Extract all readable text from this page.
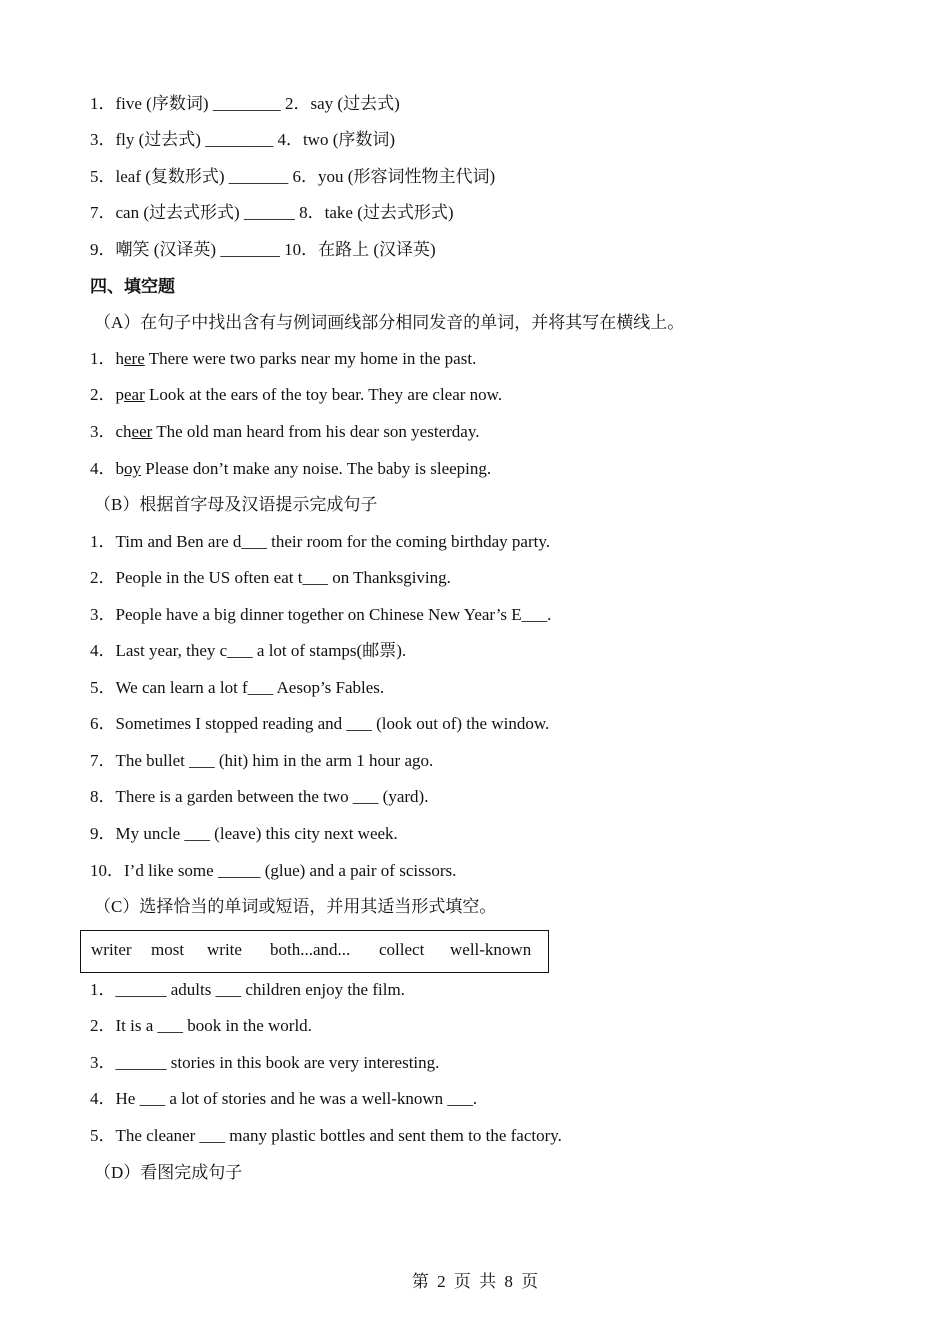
1．five (序数词) ________ 2．say (过去式)
3．fly (过去式) ________ 4．two (序数词)
5．leaf (复数形式) _______ 6．you (形容词性物主代词)
7．can (过去式形式) ______ 8．take (过去式形式)
9．嘲笑 (汉译英) _______ 10．在路上 (汉译英)
四、填空题
（A）在句子中找出含有与例词画线部分相同发音的单词，并将其写在横线上。
1．here There were two parks near my home in the past.
2．pear Look at the ears of the toy bear. They are clear now.
3．cheer The old man heard from his dear son yesterday.
4．boy Please don’t make any noise. The baby is sleeping.
（B）根据首字母及汉语提示完成句子
1．Tim and Ben are d___ their room for the coming birthday party.
2．People in the US often eat t___ on Thanksgiving.
3．People have a big dinner together on Chinese New Year’s E___.
4．Last year, they c___ a lot of stamps(邮票).
5．We can learn a lot f___ Aesop’s Fables.
6．Sometimes I stopped reading and ___ (look out of) the window.
7．The bullet ___ (hit) him in the arm 1 hour ago.
8．There is a garden between the two ___ (yard).
9．My uncle ___ (leave) this city next week.
10．I’d like some _____ (glue) and a pair of scissors.
（C）选择恰当的单词或短语，并用其适当形式填空。
writer most write both...and... collect well-known
1．______ adults ___ children enjoy the film.
2．It is a ___ book in the world.
3．______ stories in this book are very interesting.
4．He ___ a lot of stories and he was a well-known ___.
5．The cleaner ___ many plastic bottles and sent them to the factory.
（D）看图完成句子
第 2 页 共 8 页
